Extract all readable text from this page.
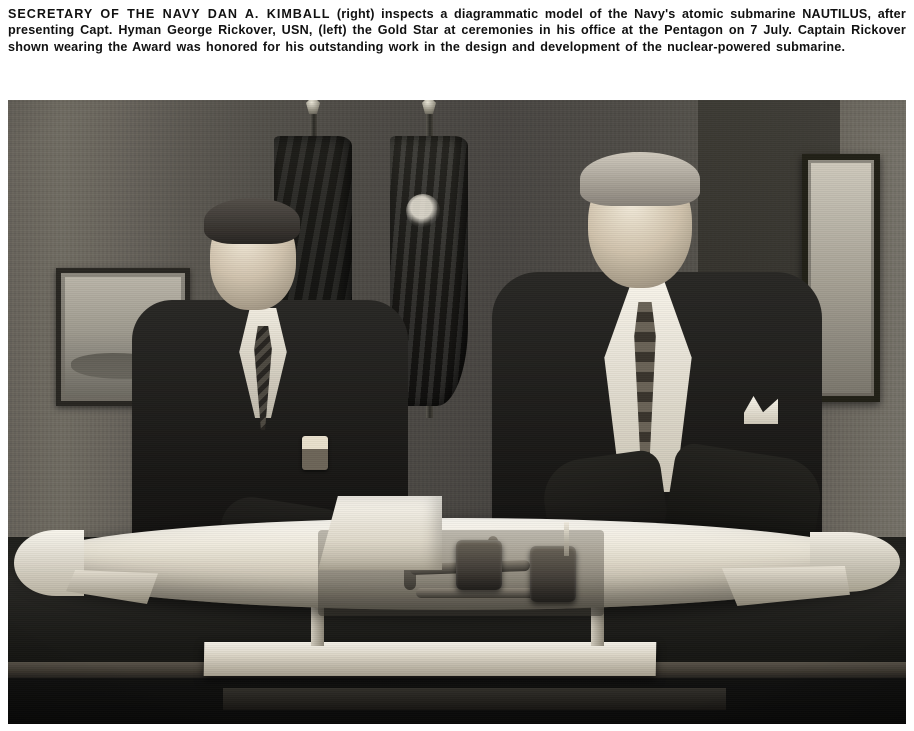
SECRETARY OF THE NAVY DAN A. KIMBALL (right) inspects a diagrammatic model of the Navy's atomic submarine NAUTILUS, after presenting Capt. Hyman George Rickover, USN, (left) the Gold Star at ceremonies in his office at the Pentagon on 7 July. Captain Rickover shown wearing the Award was honored for his outstanding work in the design and development of the nuclear-powered submarine.
